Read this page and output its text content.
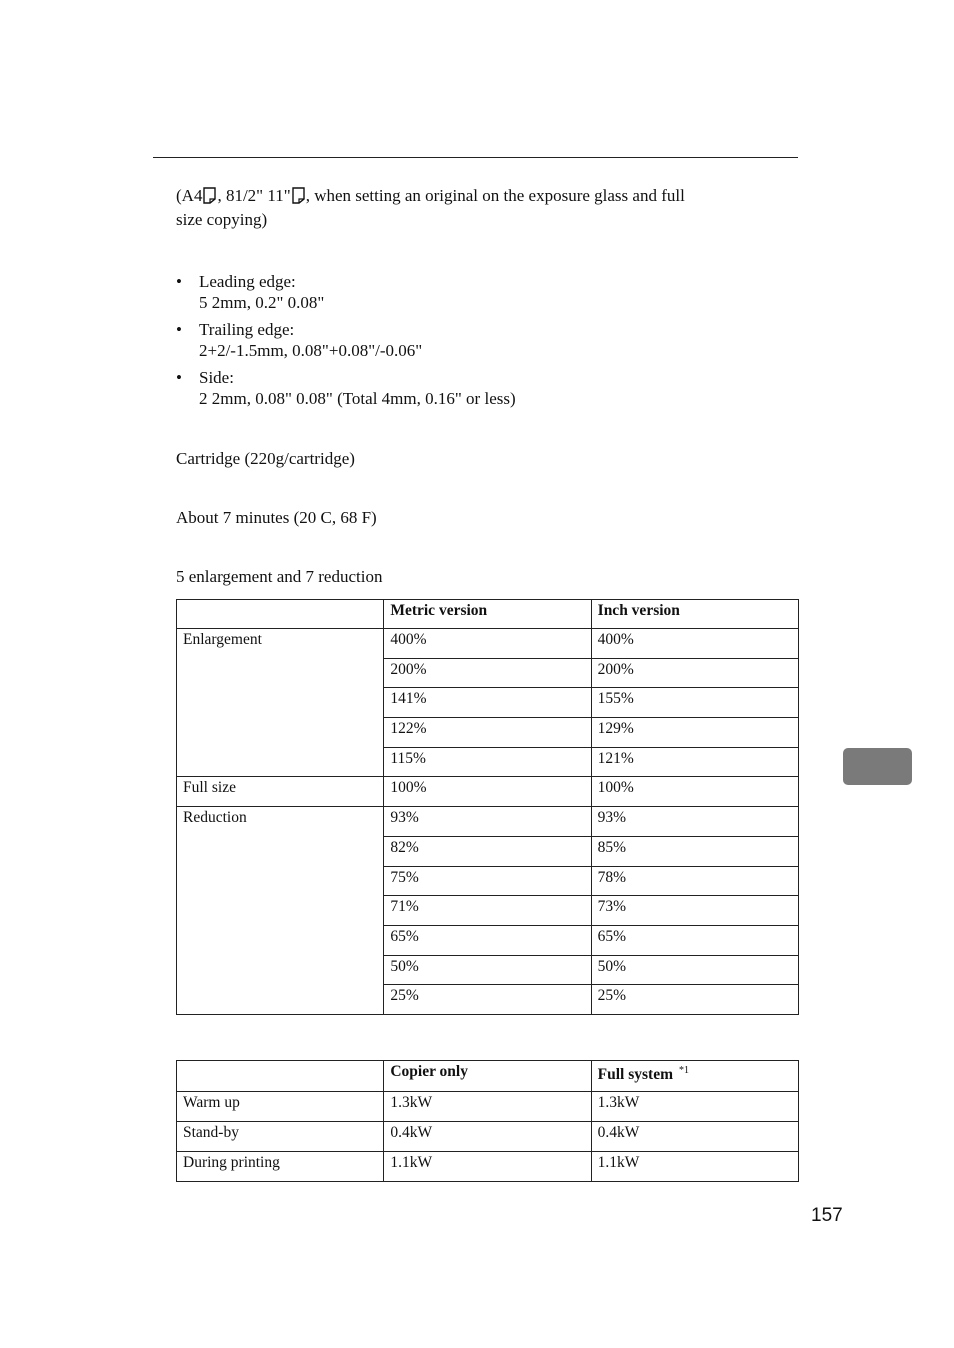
(A4 , 81/2" 11" , when setting an original on the exposure glass and full
size copying)
• Leading edge:
5 2mm, 0.2" 0.08"
• Trailing edge:
2+2/-1.5mm, 0.08"+0.08"/-0.06"
• Side:
2 2mm, 0.08" 0.08" (Total 4mm, 0.16" or less)
Cartridge (220g/cartridge)
About 7 minutes (20 C, 68 F)
5 enlargement and 7 reduction
	Metric version	Inch version
Enlargement	400%	400%
	200%	200%
	141%	155%
	122%	129%
	115%	121%
Full size	100%	100%
Reduction	93%	93%
	82%	85%
	75%	78%
	71%	73%
	65%	65%
	50%	50%
	25%	25%
	Copier only	Full system $^{*1}$
Warm up	1.3kW	1.3kW
Stand-by	0.4kW	0.4kW
During printing	1.1kW	1.1kW
157
